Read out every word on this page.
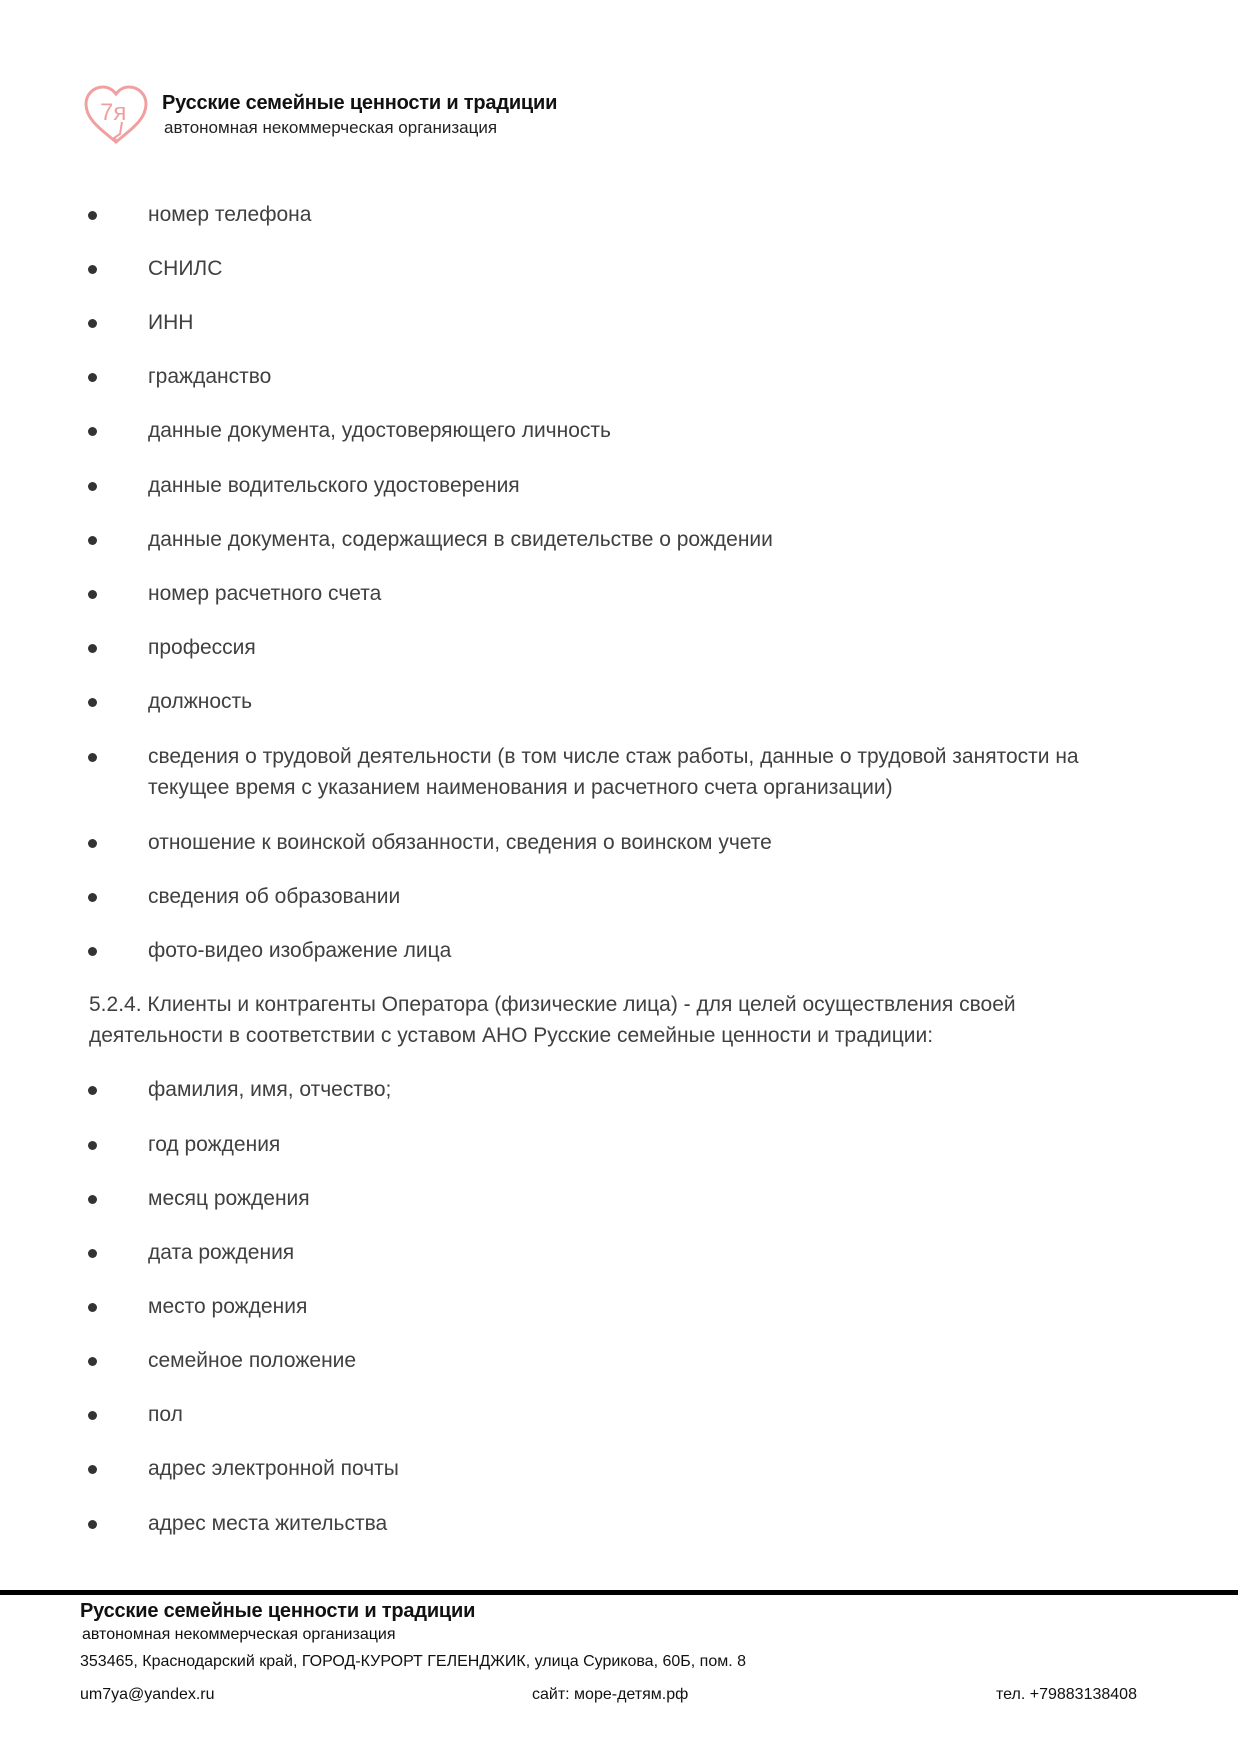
7я Русские семейные ценности и традиции
автономная некоммерческая организация
номер телефона
СНИЛС
ИНН
гражданство
данные документа, удостоверяющего личность
данные водительского удостоверения
данные документа, содержащиеся в свидетельстве о рождении
номер расчетного счета
профессия
должность
сведения о трудовой деятельности (в том числе стаж работы, данные о трудовой занятости на текущее время с указанием наименования и расчетного счета организации)
отношение к воинской обязанности, сведения о воинском учете
сведения об образовании
фото-видео изображение лица
5.2.4. Клиенты и контрагенты Оператора (физические лица) - для целей осуществления своей деятельности в соответствии с уставом АНО Русские семейные ценности и традиции:
фамилия, имя, отчество;
год рождения
месяц рождения
дата рождения
место рождения
семейное положение
пол
адрес электронной почты
адрес места жительства
Русские семейные ценности и традиции
автономная некоммерческая организация
353465, Краснодарский край, ГОРОД-КУРОРТ ГЕЛЕНДЖИК, улица Сурикова, 60Б, пом. 8
um7ya@yandex.ru	сайт: море-детям.рф	тел. +79883138408
